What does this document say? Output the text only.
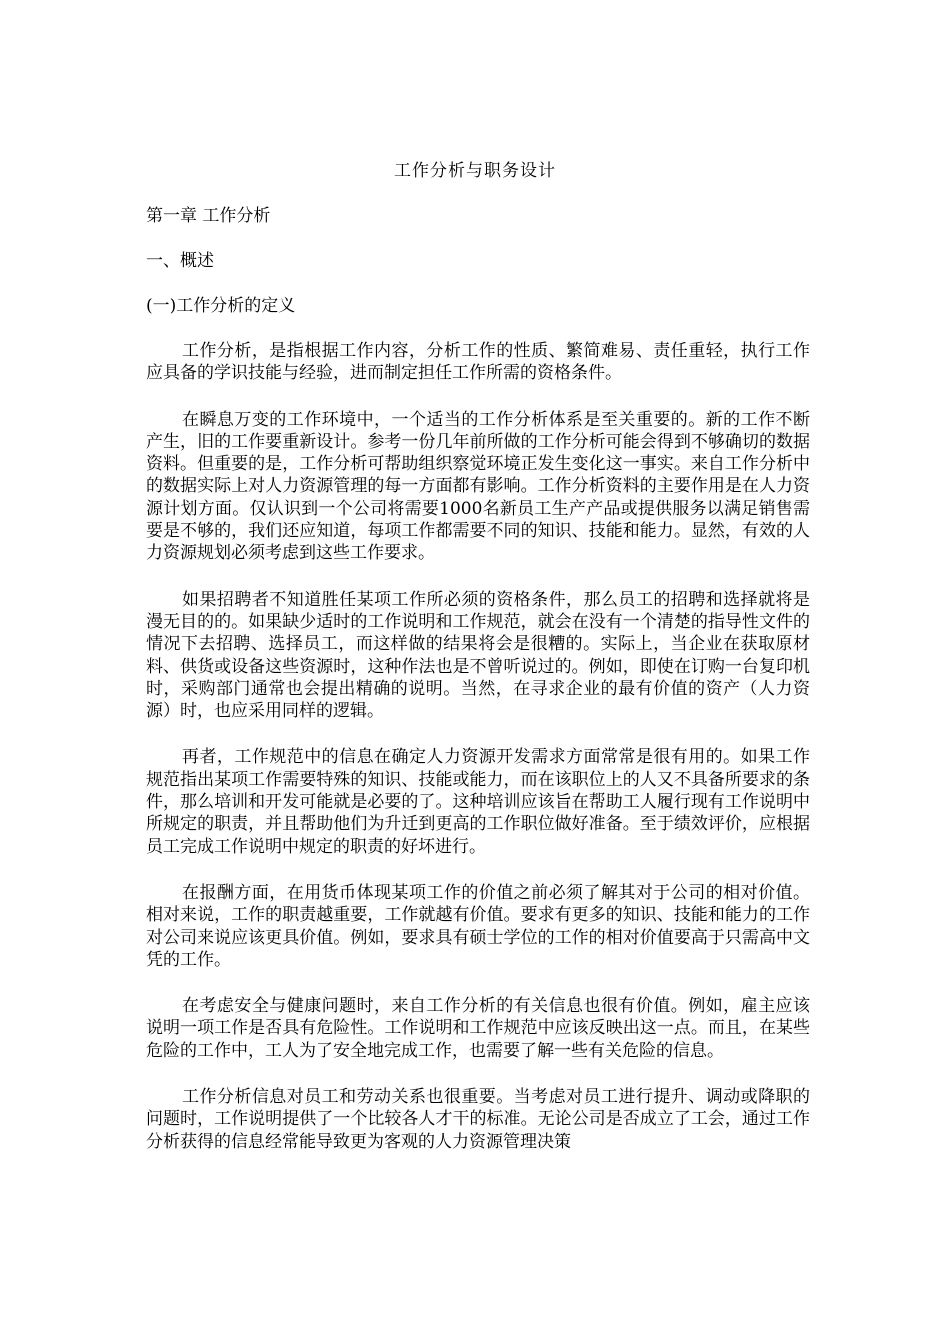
工作分析与职务设计
第一章 工作分析
一、概述
(一)工作分析的定义

工作分析，是指根据工作内容，分析工作的性质、繁简难易、责任重轻，执行工作应具备的学识技能与经验，进而制定担任工作所需的资格条件。

在瞬息万变的工作环境中，一个适当的工作分析体系是至关重要的。新的工作不断产生，旧的工作要重新设计。参考一份几年前所做的工作分析可能会得到不够确切的数据资料。但重要的是，工作分析可帮助组织察觉环境正发生变化这一事实。来自工作分析中的数据实际上对人力资源管理的每一方面都有影响。工作分析资料的主要作用是在人力资源计划方面。仅认识到一个公司将需要1000名新员工生产产品或提供服务以满足销售需要是不够的，我们还应知道，每项工作都需要不同的知识、技能和能力。显然，有效的人力资源规划必须考虑到这些工作要求。

如果招聘者不知道胜任某项工作所必须的资格条件，那么员工的招聘和选择就将是漫无目的的。如果缺少适时的工作说明和工作规范，就会在没有一个清楚的指导性文件的情况下去招聘、选择员工，而这样做的结果将会是很糟的。实际上，当企业在获取原材料、供货或设备这些资源时，这种作法也是不曾听说过的。例如，即使在订购一台复印机时，采购部门通常也会提出精确的说明。当然，在寻求企业的最有价值的资产（人力资源）时，也应采用同样的逻辑。

再者，工作规范中的信息在确定人力资源开发需求方面常常是很有用的。如果工作规范指出某项工作需要特殊的知识、技能或能力，而在该职位上的人又不具备所要求的条件，那么培训和开发可能就是必要的了。这种培训应该旨在帮助工人履行现有工作说明中所规定的职责，并且帮助他们为升迁到更高的工作职位做好准备。至于绩效评价，应根据员工完成工作说明中规定的职责的好坏进行。

在报酬方面，在用货币体现某项工作的价值之前必须了解其对于公司的相对价值。相对来说，工作的职责越重要，工作就越有价值。要求有更多的知识、技能和能力的工作对公司来说应该更具价值。例如，要求具有硕士学位的工作的相对价值要高于只需高中文凭的工作。

在考虑安全与健康问题时，来自工作分析的有关信息也很有价值。例如，雇主应该说明一项工作是否具有危险性。工作说明和工作规范中应该反映出这一点。而且，在某些危险的工作中，工人为了安全地完成工作，也需要了解一些有关危险的信息。

工作分析信息对员工和劳动关系也很重要。当考虑对员工进行提升、调动或降职的问题时，工作说明提供了一个比较各人才干的标准。无论公司是否成立了工会，通过工作分析获得的信息经常能导致更为客观的人力资源管理决策
